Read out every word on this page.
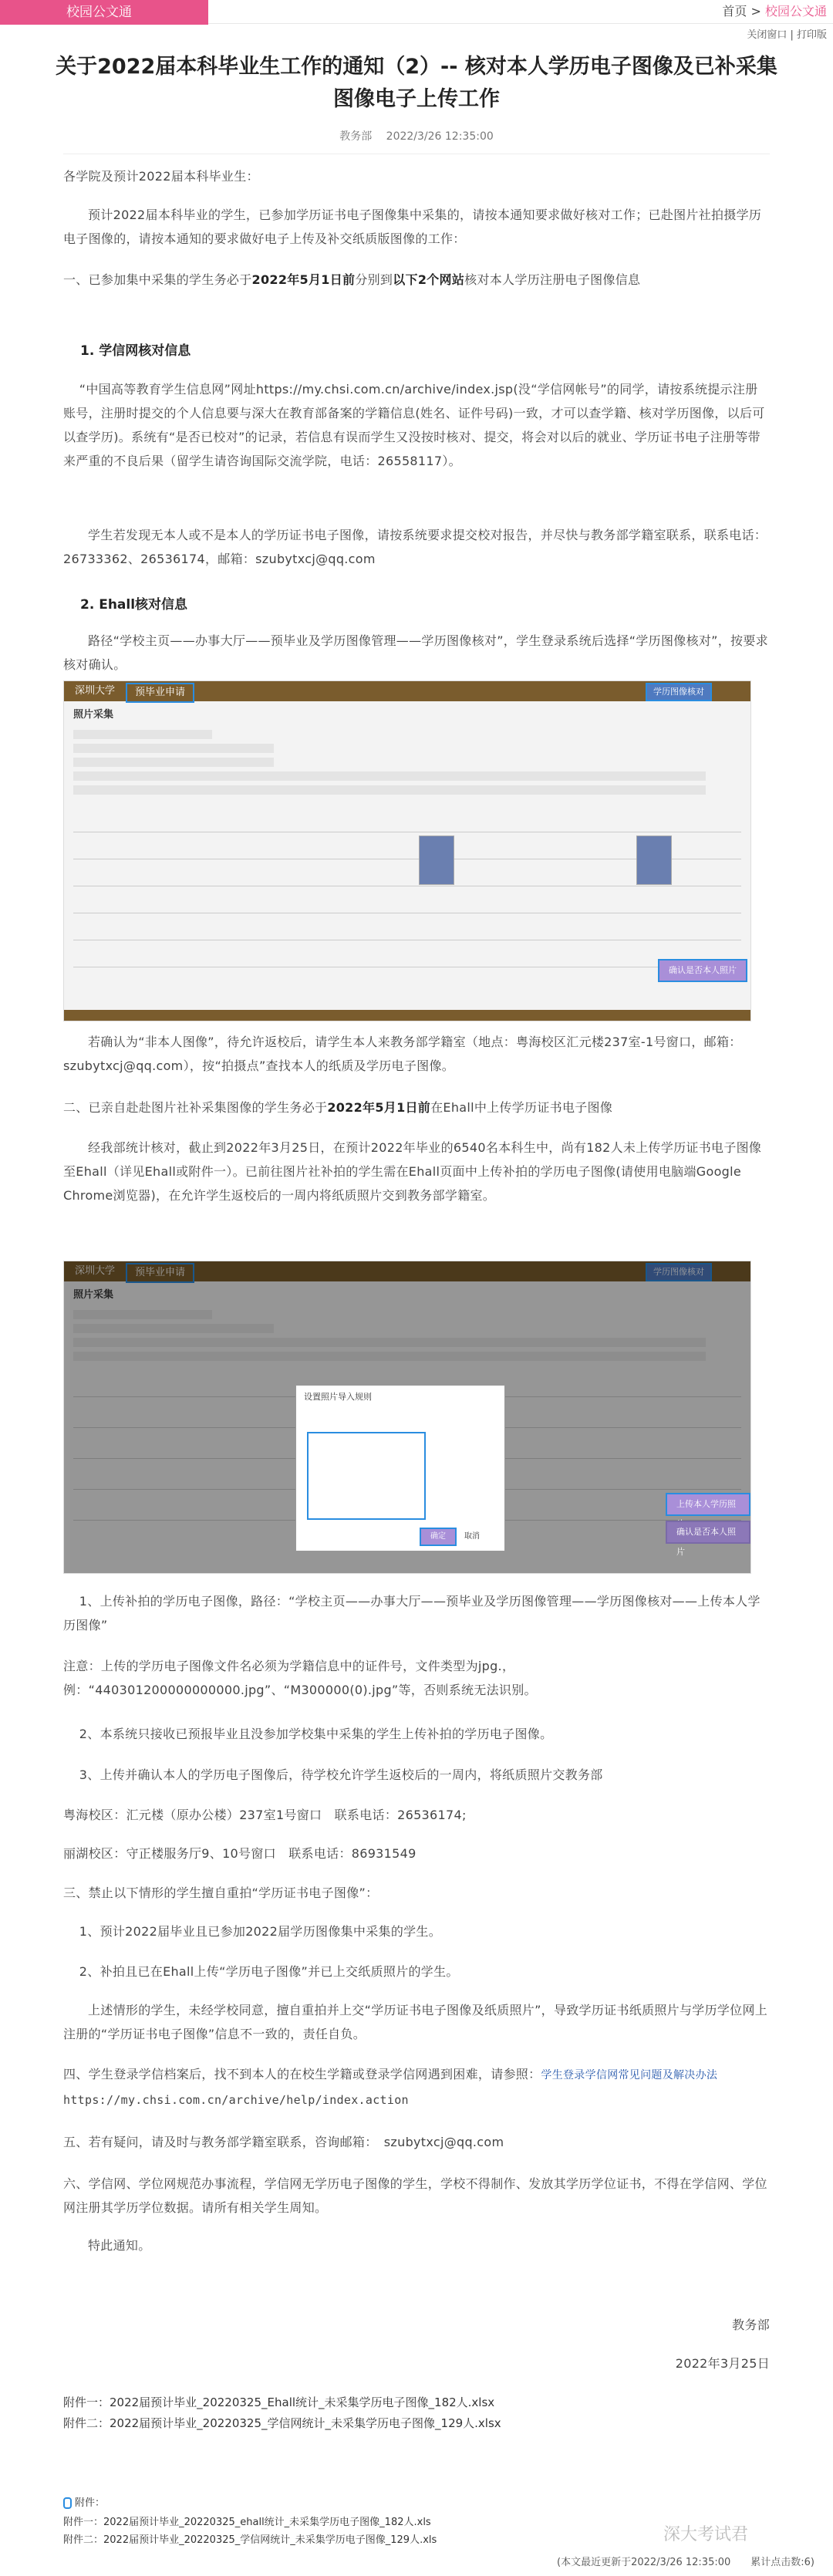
校园公文通	首页 > 校园公文通
关闭窗口 | 打印版
关于2022届本科毕业生工作的通知（2）-- 核对本人学历电子图像及已补采集图像电子上传工作
教务部　 2022/3/26 12:35:00
各学院及预计2022届本科毕业生：
预计2022届本科毕业的学生，已参加学历证书电子图像集中采集的，请按本通知要求做好核对工作；已赴图片社拍摄学历电子图像的，请按本通知的要求做好电子上传及补交纸质版图像的工作：
一、已参加集中采集的学生务必于2022年5月1日前分别到以下2个网站核对本人学历注册电子图像信息
1. 学信网核对信息
“中国高等教育学生信息网”网址https://my.chsi.com.cn/archive/index.jsp(没“学信网帐号”的同学，请按系统提示注册账号，注册时提交的个人信息要与深大在教育部备案的学籍信息(姓名、证件号码)一致，才可以查学籍、核对学历图像，以后可以查学历)。系统有“是否已校对”的记录，若信息有误而学生又没按时核对、提交，将会对以后的就业、学历证书电子注册等带来严重的不良后果（留学生请咨询国际交流学院，电话：26558117）。
学生若发现无本人或不是本人的学历证书电子图像，请按系统要求提交校对报告，并尽快与教务部学籍室联系，联系电话：26733362、26536174，邮箱：szubytxcj@qq.com
2. Ehall核对信息
路径“学校主页——办事大厅——预毕业及学历图像管理——学历图像核对”，学生登录系统后选择“学历图像核对”，按要求核对确认。
深圳大学	预毕业申请	学历图像核对
照片采集
确认是否本人照片
若确认为“非本人图像”，待允许返校后，请学生本人来教务部学籍室（地点：粤海校区汇元楼237室-1号窗口，邮箱：szubytxcj@qq.com），按“拍摄点”查找本人的纸质及学历电子图像。
二、已亲自赴赴图片社补采集图像的学生务必于2022年5月1日前在Ehall中上传学历证书电子图像
经我部统计核对，截止到2022年3月25日，在预计2022年毕业的6540名本科生中，尚有182人未上传学历证书电子图像至Ehall（详见Ehall或附件一）。已前往图片社补拍的学生需在Ehall页面中上传补拍的学历电子图像(请使用电脑端Google Chrome浏览器)，在允许学生返校后的一周内将纸质照片交到教务部学籍室。
深圳大学	预毕业申请	学历图像核对
照片采集
设置照片导入规则
确定	取消
上传本人学历照
确认是否本人照片
1、上传补拍的学历电子图像，路径：“学校主页——办事大厅——预毕业及学历图像管理——学历图像核对——上传本人学历图像”
注意：上传的学历电子图像文件名必须为学籍信息中的证件号，文件类型为jpg.，例：“440301200000000000.jpg”、“M300000(0).jpg”等，否则系统无法识别。
2、本系统只接收已预报毕业且没参加学校集中采集的学生上传补拍的学历电子图像。
3、上传并确认本人的学历电子图像后，待学校允许学生返校后的一周内，将纸质照片交教务部
粤海校区：汇元楼（原办公楼）237室1号窗口　联系电话：26536174;
丽湖校区：守正楼服务厅9、10号窗口　联系电话：86931549
三、禁止以下情形的学生擅自重拍“学历证书电子图像”：
1、预计2022届毕业且已参加2022届学历图像集中采集的学生。
2、补拍且已在Ehall上传“学历电子图像”并已上交纸质照片的学生。
上述情形的学生，未经学校同意，擅自重拍并上交“学历证书电子图像及纸质照片”，导致学历证书纸质照片与学历学位网上注册的“学历证书电子图像”信息不一致的，责任自负。
四、学生登录学信档案后，找不到本人的在校生学籍或登录学信网遇到困难，请参照：学生登录学信网常见问题及解决办法
https://my.chsi.com.cn/archive/help/index.action
五、若有疑问，请及时与教务部学籍室联系，咨询邮箱：　szubytxcj@qq.com
六、学信网、学位网规范办事流程，学信网无学历电子图像的学生，学校不得制作、发放其学历学位证书，不得在学信网、学位网注册其学历学位数据。请所有相关学生周知。
特此通知。
教务部
2022年3月25日
附件一：2022届预计毕业_20220325_Ehall统计_未采集学历电子图像_182人.xlsx
附件二：2022届预计毕业_20220325_学信网统计_未采集学历电子图像_129人.xlsx
附件：
附件一：2022届预计毕业_20220325_ehall统计_未采集学历电子图像_182人.xls
附件二：2022届预计毕业_20220325_学信网统计_未采集学历电子图像_129人.xls	深大考试君
(本文最近更新于2022/3/26 12:35:00　　累计点击数:6)
